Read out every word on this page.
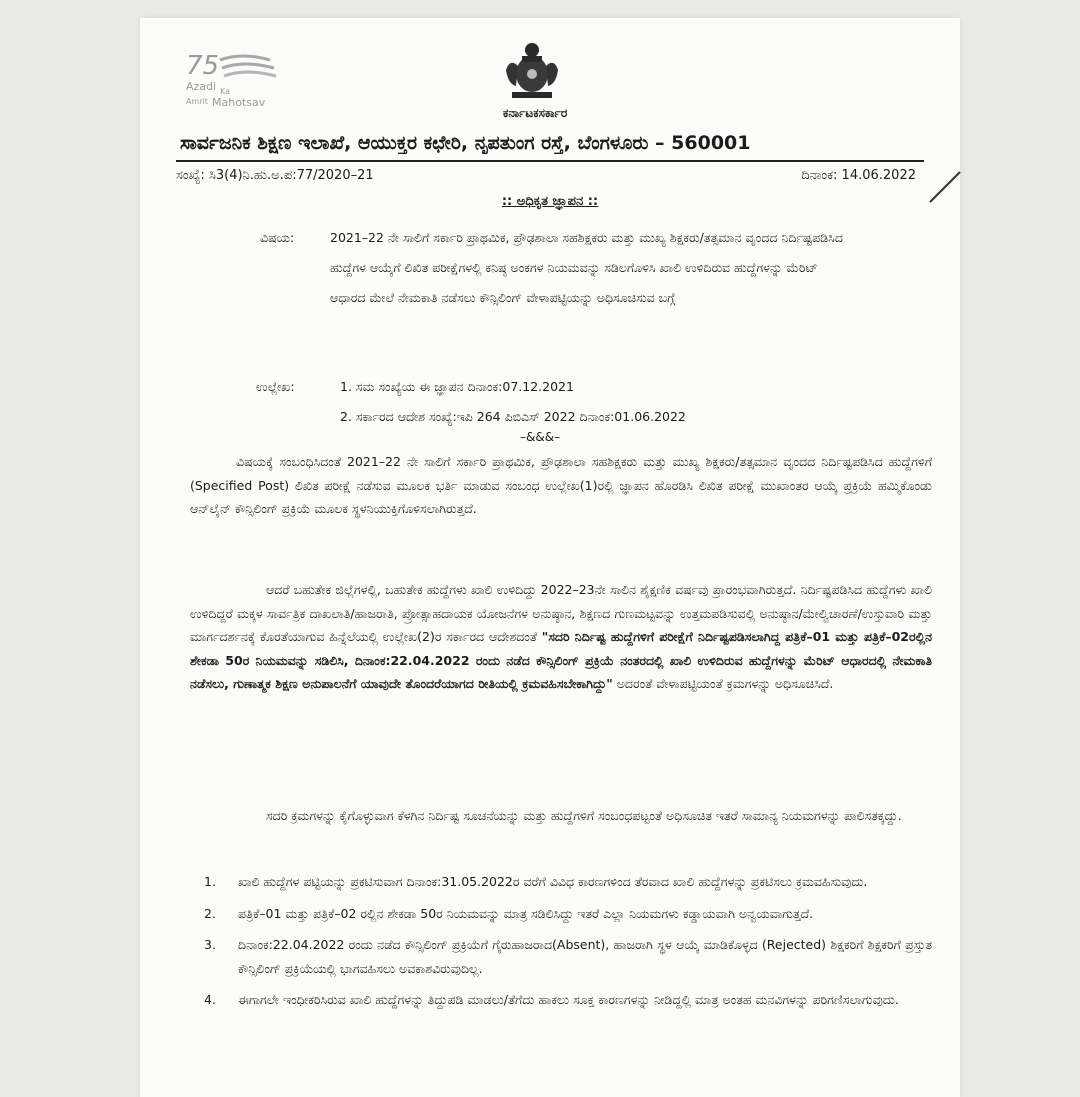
75
Azadi Ka
Amrit Mahotsav
ಕರ್ನಾಟಕಸರ್ಕಾರ
ಸಾರ್ವಜನಿಕ ಶಿಕ್ಷಣ ಇಲಾಖೆ, ಆಯುಕ್ತರ ಕಛೇರಿ, ನೃಪತುಂಗ ರಸ್ತೆ, ಬೆಂಗಳೂರು – 560001
ಸಂಖ್ಯೆ: ಸಿ3(4)ನಿ.ಹು.ಅ.ಪ:77/2020–21	ದಿನಾಂಕ: 14.06.2022
:: ಅಧಿಕೃತ ಜ್ಞಾಪನ ::
ವಿಷಯ:	2021–22 ನೇ ಸಾಲಿಗೆ ಸರ್ಕಾರಿ ಪ್ರಾಥಮಿಕ, ಪ್ರೌಢಶಾಲಾ ಸಹಶಿಕ್ಷಕರು ಮತ್ತು ಮುಖ್ಯ ಶಿಕ್ಷಕರು/ತತ್ಸಮಾನ ವೃಂದದ ನಿರ್ದಿಷ್ಟಪಡಿಸಿದ ಹುದ್ದೆಗಳ ಆಯ್ಕೆಗೆ ಲಿಖಿತ ಪರೀಕ್ಷೆಗಳಲ್ಲಿ ಕನಿಷ್ಠ ಅಂಕಗಳ ನಿಯಮವನ್ನು ಸಡಿಲಗೊಳಿಸಿ ಖಾಲಿ ಉಳಿದಿರುವ ಹುದ್ದೆಗಳನ್ನು ಮೆರಿಟ್ ಆಧಾರದ ಮೇಲೆ ನೇಮಕಾತಿ ನಡೆಸಲು ಕೌನ್ಸಿಲಿಂಗ್ ವೇಳಾಪಟ್ಟಿಯನ್ನು ಅಧಿಸೂಚಿಸುವ ಬಗ್ಗೆ
ಉಲ್ಲೇಖ:	1. ಸಮ ಸಂಖ್ಯೆಯ ಈ ಜ್ಞಾಪನ ದಿನಾಂಕ:07.12.2021
2. ಸರ್ಕಾರದ ಆದೇಶ ಸಂಖ್ಯೆ:ಇಪಿ 264 ಪಿಬಿಎಸ್ 2022 ದಿನಾಂಕ:01.06.2022
–&&&–
ವಿಷಯಕ್ಕೆ ಸಂಬಂಧಿಸಿದಂತೆ 2021–22 ನೇ ಸಾಲಿಗೆ ಸರ್ಕಾರಿ ಪ್ರಾಥಮಿಕ, ಪ್ರೌಢಶಾಲಾ ಸಹಶಿಕ್ಷಕರು ಮತ್ತು ಮುಖ್ಯ ಶಿಕ್ಷಕರು/ತತ್ಸಮಾನ ವೃಂದದ ನಿರ್ದಿಷ್ಟಪಡಿಸಿದ ಹುದ್ದೆಗಳಿಗೆ (Specified Post) ಲಿಖಿತ ಪರೀಕ್ಷೆ ನಡೆಸುವ ಮೂಲಕ ಭರ್ತಿ ಮಾಡುವ ಸಂಬಂಧ ಉಲ್ಲೇಖ(1)ರಲ್ಲಿ ಜ್ಞಾಪನ ಹೊರಡಿಸಿ ಲಿಖಿತ ಪರೀಕ್ಷೆ ಮುಖಾಂತರ ಆಯ್ಕೆ ಪ್ರಕ್ರಿಯೆ ಹಮ್ಮಿಕೊಂಡು ಆನ್‌ಲೈನ್ ಕೌನ್ಸಿಲಿಂಗ್ ಪ್ರಕ್ರಿಯೆ ಮೂಲಕ ಸ್ಥಳನಿಯುಕ್ತಿಗೊಳಿಸಲಾಗಿರುತ್ತದೆ.
ಆದರೆ ಬಹುತೇಕ ಜಿಲ್ಲೆಗಳಲ್ಲಿ, ಬಹುತೇಕ ಹುದ್ದೆಗಳು ಖಾಲಿ ಉಳಿದಿದ್ದು 2022–23ನೇ ಸಾಲಿನ ಶೈಕ್ಷಣಿಕ ವರ್ಷವು ಪ್ರಾರಂಭವಾಗಿರುತ್ತದೆ. ನಿರ್ದಿಷ್ಟಪಡಿಸಿದ ಹುದ್ದೆಗಳು ಖಾಲಿ ಉಳಿದಿದ್ದರೆ ಮಕ್ಕಳ ಸಾರ್ವತ್ರಿಕ ದಾಖಲಾತಿ/ಹಾಜರಾತಿ, ಪ್ರೋತ್ಸಾಹದಾಯಕ ಯೋಜನೆಗಳ ಅನುಷ್ಠಾನ, ಶಿಕ್ಷಣದ ಗುಣಮಟ್ಟವನ್ನು ಉತ್ತಮಪಡಿಸುವಲ್ಲಿ ಅನುಷ್ಠಾನ/ಮೇಲ್ವಿಚಾರಣೆ/ಉಸ್ತುವಾರಿ ಮತ್ತು ಮಾರ್ಗದರ್ಶನಕ್ಕೆ ಕೊರತೆಯಾಗುವ ಹಿನ್ನೆಲೆಯಲ್ಲಿ ಉಲ್ಲೇಖ(2)ರ ಸರ್ಕಾರದ ಆದೇಶದಂತೆ "ಸದರಿ ನಿರ್ದಿಷ್ಟ ಹುದ್ದೆಗಳಿಗೆ ಪರೀಕ್ಷೆಗೆ ನಿರ್ದಿಷ್ಟಪಡಿಸಲಾಗಿದ್ದ ಪತ್ರಿಕೆ–01 ಮತ್ತು ಪತ್ರಿಕೆ–02ರಲ್ಲಿನ ಶೇಕಡಾ 50ರ ನಿಯಮವನ್ನು ಸಡಿಲಿಸಿ, ದಿನಾಂಕ:22.04.2022 ರಂದು ನಡೆದ ಕೌನ್ಸಿಲಿಂಗ್ ಪ್ರಕ್ರಿಯೆ ನಂತರದಲ್ಲಿ ಖಾಲಿ ಉಳಿದಿರುವ ಹುದ್ದೆಗಳನ್ನು ಮೆರಿಟ್ ಆಧಾರದಲ್ಲಿ ನೇಮಕಾತಿ ನಡೆಸಲು, ಗುಣಾತ್ಮಕ ಶಿಕ್ಷಣ ಅನುಪಾಲನೆಗೆ ಯಾವುದೇ ತೊಂದರೆಯಾಗದ ರೀತಿಯಲ್ಲಿ ಕ್ರಮವಹಿಸಬೇಕಾಗಿದ್ದು" ಅದರಂತೆ ವೇಳಾಪಟ್ಟಿಯಂತೆ ಕ್ರಮಗಳನ್ನು ಅಧಿಸೂಚಿಸಿದೆ.
ಸದರಿ ಕ್ರಮಗಳನ್ನು ಕೈಗೊಳ್ಳುವಾಗ ಕೆಳಗಿನ ನಿರ್ದಿಷ್ಟ ಸೂಚನೆಯನ್ನು ಮತ್ತು ಹುದ್ದೆಗಳಿಗೆ ಸಂಬಂಧಪಟ್ಟಂತೆ ಅಧಿಸೂಚಿತ ಇತರೆ ಸಾಮಾನ್ಯ ನಿಯಮಗಳನ್ನು ಪಾಲಿಸತಕ್ಕದ್ದು.
1.	ಖಾಲಿ ಹುದ್ದೆಗಳ ಪಟ್ಟಿಯನ್ನು ಪ್ರಕಟಿಸುವಾಗ ದಿನಾಂಕ:31.05.2022ರ ವರೆಗೆ ವಿವಿಧ ಕಾರಣಗಳಿಂದ ತೆರವಾದ ಖಾಲಿ ಹುದ್ದೆಗಳನ್ನು ಪ್ರಕಟಿಸಲು ಕ್ರಮವಹಿಸುವುದು.
2.	ಪತ್ರಿಕೆ–01 ಮತ್ತು ಪತ್ರಿಕೆ–02 ರಲ್ಲಿನ ಶೇಕಡಾ 50ರ ನಿಯಮವನ್ನು ಮಾತ್ರ ಸಡಿಲಿಸಿದ್ದು ಇತರೆ ಎಲ್ಲಾ ನಿಯಮಗಳು ಕಡ್ಡಾಯವಾಗಿ ಅನ್ವಯವಾಗುತ್ತದೆ.
3.	ದಿನಾಂಕ:22.04.2022 ರಂದು ನಡೆದ ಕೌನ್ಸಿಲಿಂಗ್ ಪ್ರಕ್ರಿಯೆಗೆ ಗೈರುಹಾಜರಾದ(Absent), ಹಾಜರಾಗಿ ಸ್ಥಳ ಆಯ್ಕೆ ಮಾಡಿಕೊಳ್ಳದ (Rejected) ಶಿಕ್ಷಕರಿಗೆ ಶಿಕ್ಷಕರಿಗೆ ಪ್ರಸ್ತುತ ಕೌನ್ಸಿಲಿಂಗ್ ಪ್ರಕ್ರಿಯೆಯಲ್ಲಿ ಭಾಗವಹಿಸಲು ಅವಕಾಶವಿರುವುದಿಲ್ಲ.
4.	ಈಗಾಗಲೇ ಇಂಧೀಕರಿಸಿರುವ ಖಾಲಿ ಹುದ್ದೆಗಳನ್ನು ತಿದ್ದುಪಡಿ ಮಾಡಲು/ತೆಗೆದು ಹಾಕಲು ಸೂಕ್ತ ಕಾರಣಗಳನ್ನು ನೀಡಿದ್ದಲ್ಲಿ ಮಾತ್ರ ಅಂತಹ ಮನವಿಗಳನ್ನು ಪರಿಗಣಿಸಲಾಗುವುದು.
